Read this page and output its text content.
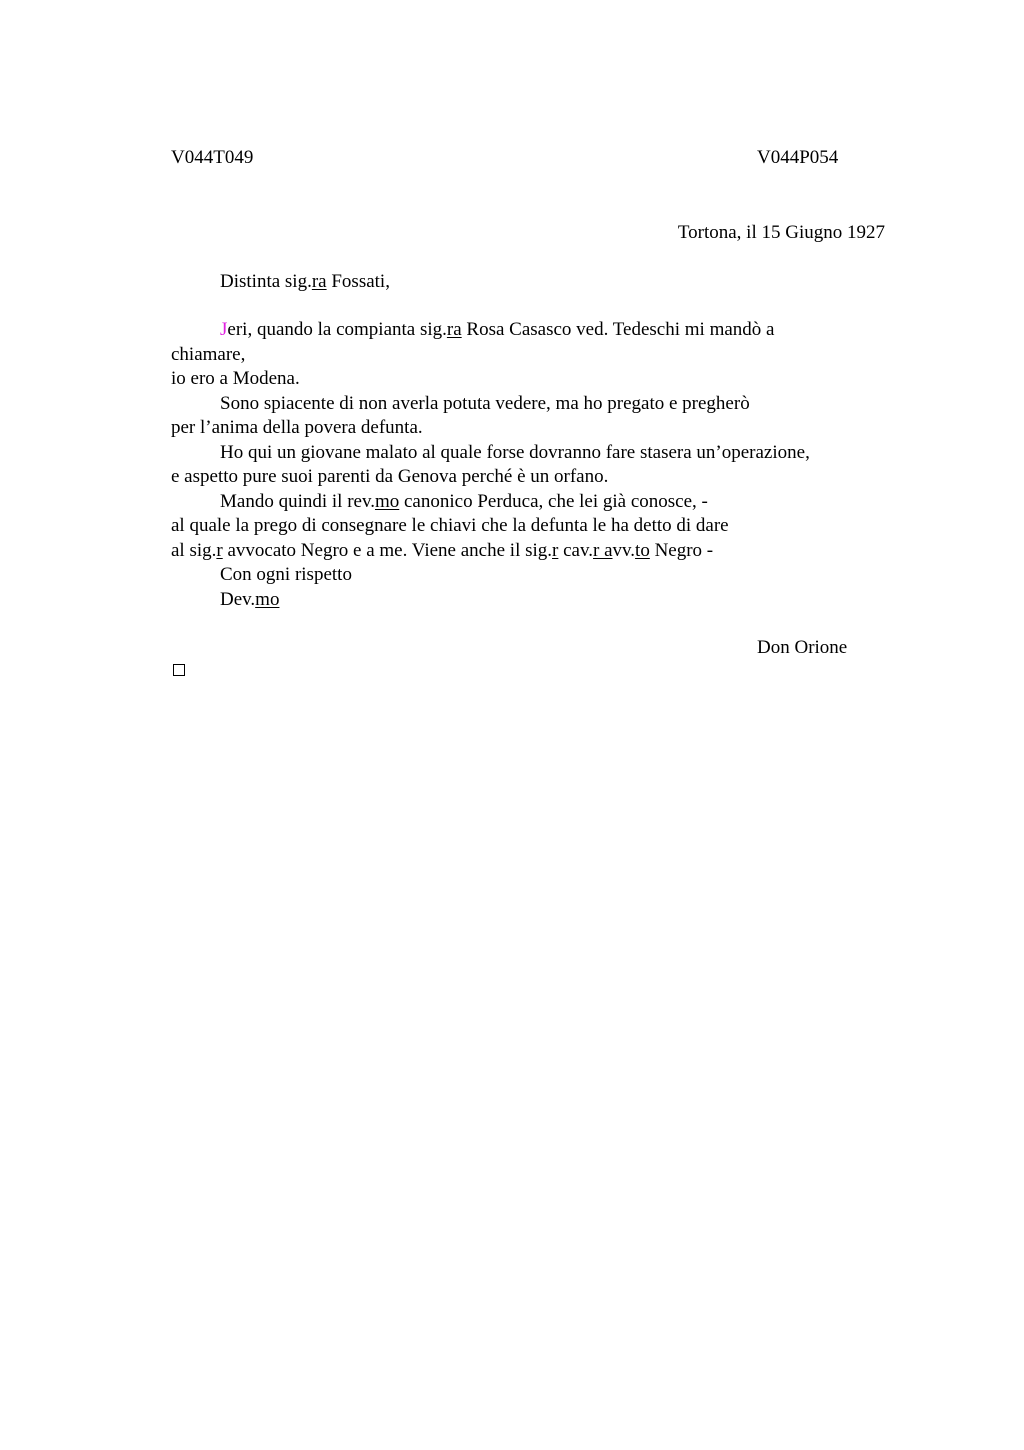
V044T049	V044P054
Tortona, il 15 Giugno 1927
Distinta sig.ra Fossati,
Jeri, quando la compianta sig.ra Rosa Casasco ved. Tedeschi mi mandò a
chiamare,
io ero a Modena.
Sono spiacente di non averla potuta vedere, ma ho pregato e pregherò
per l’anima della povera defunta.
Ho qui un giovane malato al quale forse dovranno fare stasera un’operazione,
e aspetto pure suoi parenti da Genova perché è un orfano.
Mando quindi il rev.mo canonico Perduca, che lei già conosce, -
al quale la prego di consegnare le chiavi che la defunta le ha detto di dare
al sig.r avvocato Negro e a me. Viene anche il sig.r cav.r avv.to Negro -
Con ogni rispetto
Dev.mo
Don Orione
